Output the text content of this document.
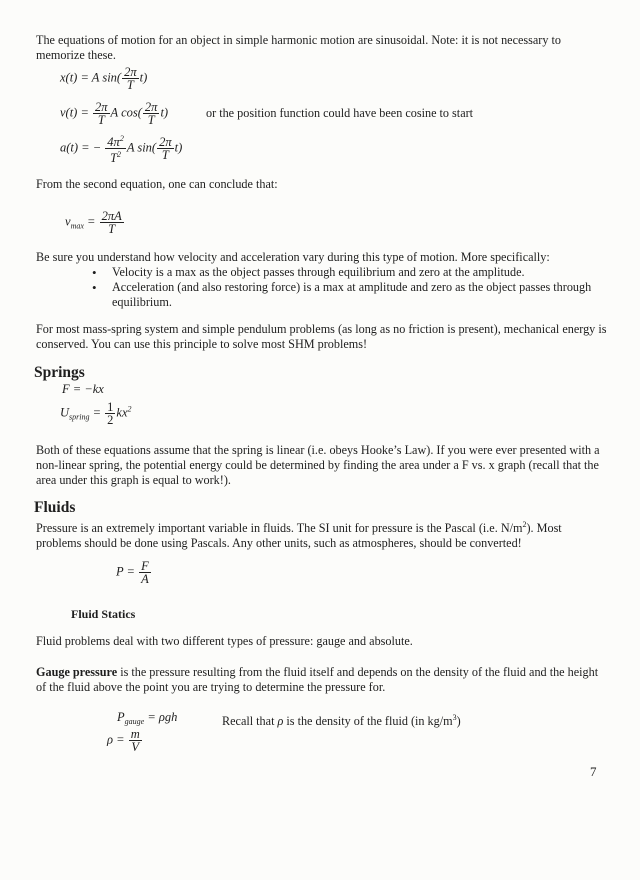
The equations of motion for an object in simple harmonic motion are sinusoidal. Note: it is not necessary to memorize these.

x(t) = A $\sin( \frac{2\pi}{T} t)$
$v(t) = \frac{2\pi}{T}$ A $\cos( \frac{2\pi}{T} t)$	or the position function could have been cosine to start
a(t) = − $\frac{4\pi^2}{T^2}$ A $\sin( \frac{2\pi}{T} t)$

From the second equation, one can conclude that:

$v_{max} = \frac{2\pi A}{T}$

Be sure you understand how velocity and acceleration vary during this type of motion. More specifically:

• Velocity is a max as the object passes through equilibrium and zero at the amplitude.
• Acceleration (and also restoring force) is a max at amplitude and zero as the object passes through equilibrium.

For most mass-spring system and simple pendulum problems (as long as no friction is present), mechanical energy is conserved. You can use this principle to solve most SHM problems!

Springs
F = −kx
$U_{spring} = \frac{1}{2} kx^2$

Both of these equations assume that the spring is linear (i.e. obeys Hooke’s Law). If you were ever presented with a non-linear spring, the potential energy could be determined by finding the area under a F vs. x graph (recall that the area under this graph is equal to work!).

Fluids

Pressure is an extremely important variable in fluids. The SI unit for pressure is the Pascal (i.e. $N/m^2$). Most problems should be done using Pascals. Any other units, such as atmospheres, should be converted!

$P = \frac{F}{A}$
Fluid Statics

Fluid problems deal with two different types of pressure: gauge and absolute.

Gauge pressure is the pressure resulting from the fluid itself and depends on the density of the fluid and the height of the fluid above the point you are trying to determine the pressure for.

$P_{gauge} = \rho gh$	Recall that ρ is the density of the fluid (in $kg/m^3$)
$\rho = \frac{m}{V}$
7
